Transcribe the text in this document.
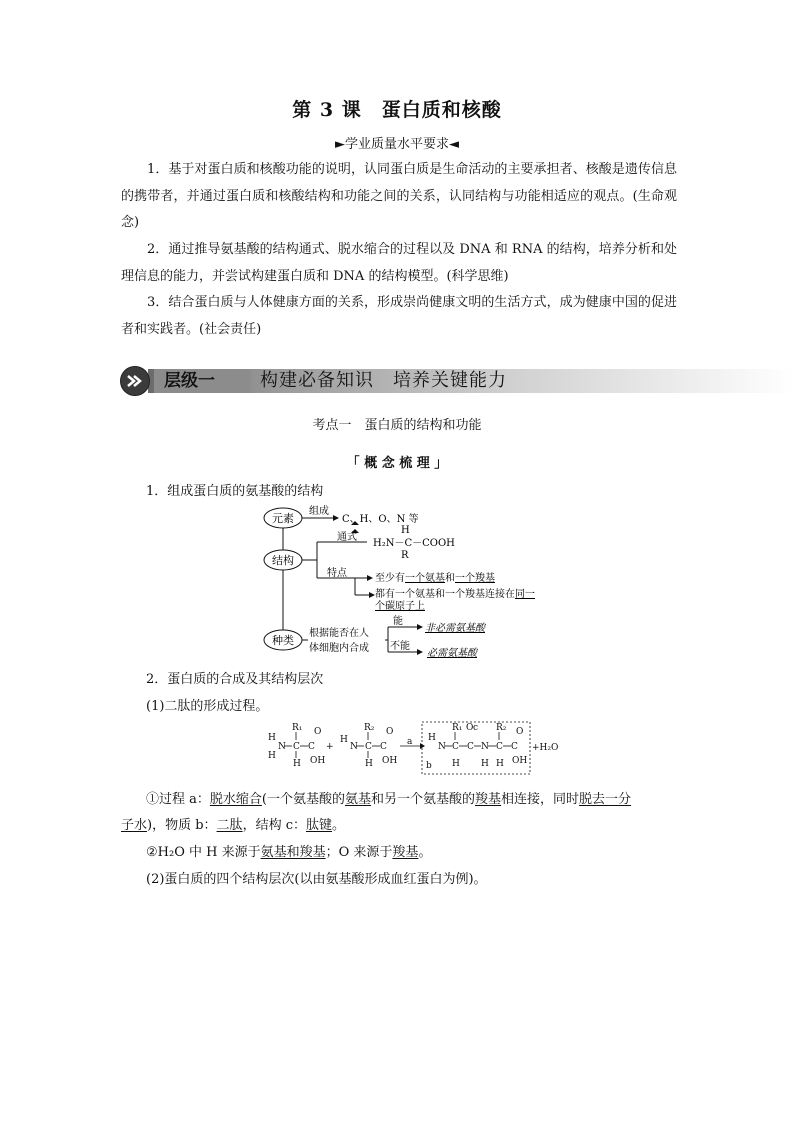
第 3 课　蛋白质和核酸
►学业质量水平要求◄
1．基于对蛋白质和核酸功能的说明，认同蛋白质是生命活动的主要承担者、核酸是遗传信息的携带者，并通过蛋白质和核酸结构和功能之间的关系，认同结构与功能相适应的观点。(生命观念)
2．通过推导氨基酸的结构通式、脱水缩合的过程以及 DNA 和 RNA 的结构，培养分析和处理信息的能力，并尝试构建蛋白质和 DNA 的结构模型。(科学思维)
3．结合蛋白质与人体健康方面的关系，形成崇尚健康文明的生活方式，成为健康中国的促进者和实践者。(社会责任)
层级一	构建必备知识　培养关键能力
考点一　蛋白质的结构和功能
「 概 念 梳 理 」
1．组成蛋白质的氨基酸的结构
元素
结构
种类
组成
C、H、O、N 等
通式
H
H₂N－C－COOH
R
特点	至少有一个氨基和一个羧基
都有一个氨基和一个羧基连接在同一
个碳原子上
根据能否在人
体细胞内合成
能
不能
非必需氨基酸
必需氨基酸
2．蛋白质的合成及其结构层次
(1)二肽的形成过程。
H
H
N
R₁
C
H
C
O
OH
+
H
N
R₂
C
H
C
O
OH
a H
b
N
R₁
C
H
O c
C N
H
R₂
C
H
C
O
OH
+H₂O
①过程 a：脱水缩合(一个氨基酸的氨基和另一个氨基酸的羧基相连接，同时脱去一分
子水)，物质 b：二肽，结构 c：肽键。
②H₂O 中 H 来源于氨基和羧基；O 来源于羧基。
(2)蛋白质的四个结构层次(以由氨基酸形成血红蛋白为例)。
